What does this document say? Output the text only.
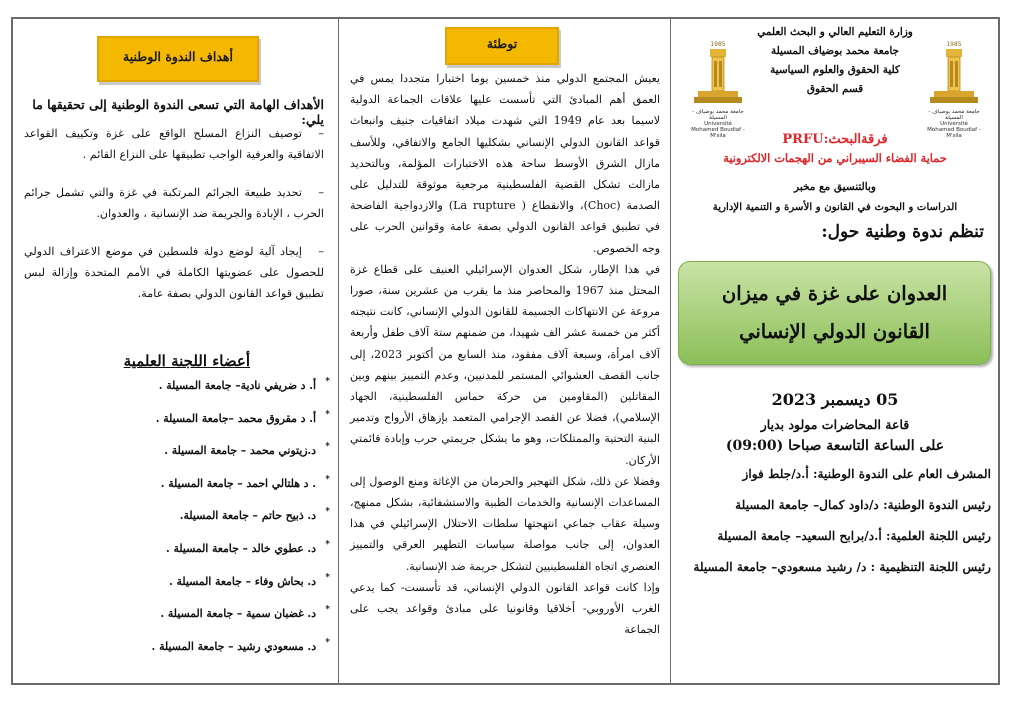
أهداف الندوة الوطنية
الأهداف الهامة التي تسعى الندوة الوطنية إلى تحقيقها ما يلي:
–توصيف النزاع المسلح الواقع على غزة وتكييف القواعد الاتفاقية والعرفية الواجب تطبيقها على النزاع القائم .
–تحديد طبيعة الجرائم المرتكبة في غزة والتي تشمل جرائم الحرب ، الإبادة والجريمة ضد الإنسانية ، والعدوان.
–إيجاد آلية لوضع دولة فلسطين في موضع الاعتراف الدولي للحصول على عضويتها الكاملة في الأمم المتحدة وإزالة لبس تطبيق قواعد القانون الدولي بصفة عامة.
أعضاء اللجنة العلمية
* أ. د ضريفي نادية– جامعة المسيلة .
* أ. د مقروق محمد –جامعة المسيلة .
* د.زيتوني محمد – جامعة المسيلة .
* . د هلتالي احمد – جامعة المسيلة .
* د. ذبيح حاتم – جامعة المسيلة.
* د. عطوي خالد – جامعة المسيلة .
* د. بحاش وفاء – جامعة المسيلة .
* د. غضبان سمية – جامعة المسيلة .
* د. مسعودي رشيد – جامعة المسيلة .
توطئة

يعيش المجتمع الدولي منذ خمسين يوما اختبارا متجددا يمس في العمق أهم المبادئ التي تأسست عليها علاقات الجماعة الدولية لاسيما بعد عام 1949 التي شهدت ميلاد اتفاقيات جنيف وانبعاث قواعد القانون الدولي الإنساني بشكليها الجامع والاتفاقي، وللأسف مازال الشرق الأوسط ساحة هذه الاختبارات المؤلمة، وبالتحديد مازالت تشكل القضية الفلسطينية مرجعية موثوقة للتدليل على الصدمة (Choc)، والانقطاع ( La rupture) والازدواجية الفاضحة في تطبيق قواعد القانون الدولي بصفة عامة وقوانين الحرب على وجه الخصوص.

في هذا الإطار، شكل العدوان الإسرائيلي العنيف على قطاع غزة المحتل منذ 1967 والمحاصر منذ ما يقرب من عشرين سنة، صورا مروعة عن الانتهاكات الجسيمة للقانون الدولي الإنساني، كانت نتيجته أكثر من خمسة عشر الف شهيدا، من ضمنهم ستة آلاف طفل وأربعة آلاف امرأة، وسبعة آلاف مفقود، منذ السابع من أكتوبر 2023، إلى جانب القصف العشوائي المستمر للمدنيين، وعدم التمييز بينهم وبين المقاتلين (المقاومين من حركة حماس الفلسطينية، الجهاد الإسلامي)، فضلا عن القصد الإجرامي المتعمد بإزهاق الأرواح وتدمير البنية التحتية والممتلكات، وهو ما يشكل جريمتي حرب وإبادة قائمتي الأركان.

وفضلا عن ذلك، شكل التهجير والحرمان من الإغاثة ومنع الوصول إلى المساعدات الإنسانية والخدمات الطبية والاستشفائية، بشكل ممنهج، وسيلة عقاب جماعي انتهجتها سلطات الاحتلال الإسرائيلي في هذا العدوان، إلى جانب مواصلة سياسات التطهير العرقي والتمييز العنصري اتجاه الفلسطينيين لتشكل جريمة ضد الإنسانية.

وإذا كانت قواعد القانون الدولي الإنساني، قد تأسست- كما يدعي الغرب الأوروبي- أخلاقيا وقانونيا على مبادئ وقواعد يجب على الجماعة

1985
جامعة محمد بوضياف - المسيلة
Université Mohamed Boudiaf - M'sila
1985
جامعة محمد بوضياف - المسيلة
Université Mohamed Boudiaf - M'sila
وزارة التعليم العالي و البحث العلمي
جامعة محمد بوضياف المسيلة
كلية الحقوق والعلوم السياسية
قسم الحقوق
فرقةالبحث:PRFU
حماية الفضاء السيبراني من الهجمات الالكترونية
وبالتنسيق مع مخبر
الدراسات و البحوث في القانون و الأسرة و التنمية الإدارية
تنظم ندوة وطنية حول:
العدوان على غزة في ميزان القانون الدولي الإنساني
05 ديسمبر 2023
قاعة المحاضرات مولود بديار
على الساعة التاسعة صباحا (09:00)
المشرف العام على الندوة الوطنية: أ.د/جلط فواز
رئيس الندوة الوطنية: د/داود كمال– جامعة المسيلة
رئيس اللجنة العلمية: أ.د/برابح السعيد– جامعة المسيلة
رئيس اللجنة التنظيمية : د/ رشيد مسعودي– جامعة المسيلة
